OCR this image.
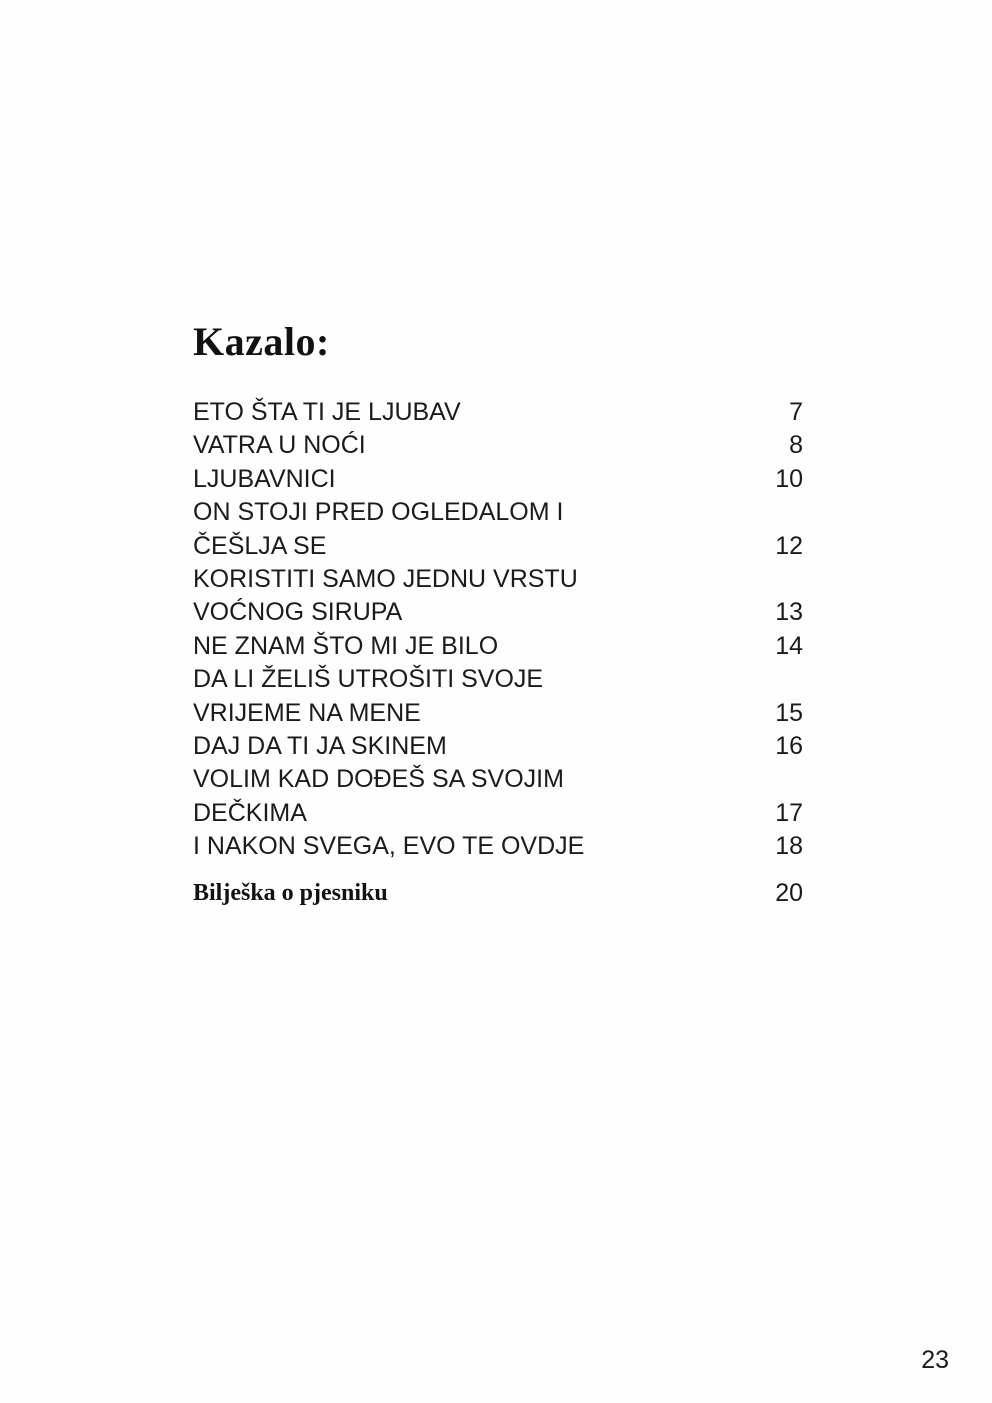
Kazalo:
ETO ŠTA TI JE LJUBAV	7
VATRA U NOĆI	8
LJUBAVNICI	10
ON STOJI PRED OGLEDALOM I
ČEŠLJA SE	12
KORISTITI SAMO JEDNU VRSTU
VOĆNOG SIRUPA	13
NE ZNAM ŠTO MI JE BILO	14
DA LI ŽELIŠ UTROŠITI SVOJE
VRIJEME NA MENE	15
DAJ DA TI JA SKINEM	16
VOLIM KAD DOĐEŠ SA SVOJIM
DEČKIMA	17
I NAKON SVEGA, EVO TE OVDJE	18
Bilješka o pjesniku	20
23
